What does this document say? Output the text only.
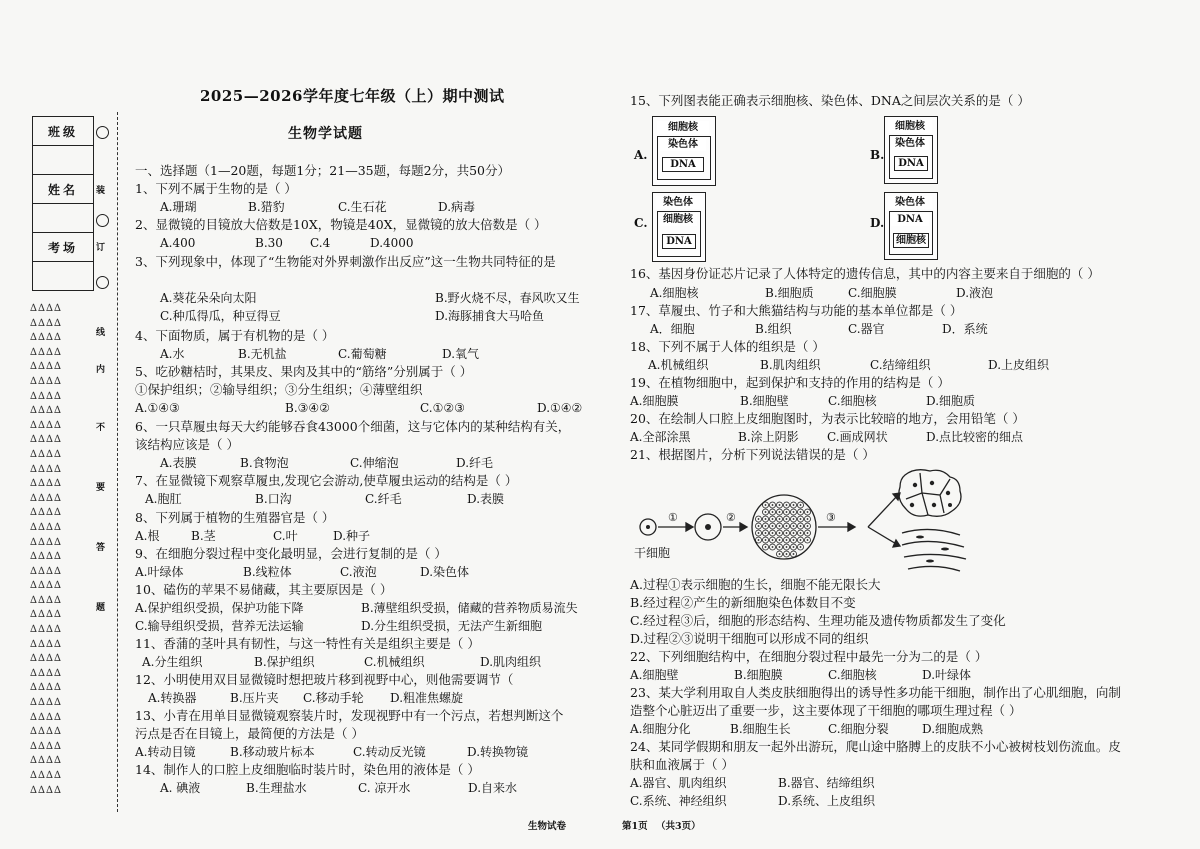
班级
姓名
考场
装
订
线
内
不
要
答
题
∆∆∆∆
∆∆∆∆
∆∆∆∆
∆∆∆∆
∆∆∆∆
∆∆∆∆
∆∆∆∆
∆∆∆∆
∆∆∆∆
∆∆∆∆
∆∆∆∆
∆∆∆∆
∆∆∆∆
∆∆∆∆
∆∆∆∆
∆∆∆∆
∆∆∆∆
∆∆∆∆
∆∆∆∆
∆∆∆∆
∆∆∆∆
∆∆∆∆
∆∆∆∆
∆∆∆∆
∆∆∆∆
∆∆∆∆
∆∆∆∆
∆∆∆∆
∆∆∆∆
∆∆∆∆
∆∆∆∆
∆∆∆∆
∆∆∆∆
∆∆∆∆
2025—2026学年度七年级（上）期中测试
生物学试题
一、选择题（1—20题，每题1分；21—35题，每题2分，共50分）
1、下列不属于生物的是（ ）
A.珊瑚	B.猎豹	C.生石花	D.病毒
2、显微镜的目镜放大倍数是10X，物镜是40X，显微镜的放大倍数是（ ）
A.400	B.30 C.4	D.4000
3、下列现象中，体现了“生物能对外界刺激作出反应”这一生物共同特征的是
A.葵花朵朵向太阳	B.野火烧不尽，春风吹又生
C.种瓜得瓜，种豆得豆	D.海豚捕食大马哈鱼
4、下面物质，属于有机物的是（ ）
A.水	B.无机盐	C.葡萄糖	D.氧气
5、吃砂糖桔时，其果皮、果肉及其中的“筋络”分别属于（ ）
①保护组织；②输导组织；③分生组织；④薄壁组织
A.①④③	B.③④②	C.①②③	D.①④②
6、一只草履虫每天大约能够吞食43000个细菌，这与它体内的某种结构有关，
该结构应该是（ ）
A.表膜	B.食物泡	C.伸缩泡	D.纤毛
7、在显微镜下观察草履虫,发现它会游动,使草履虫运动的结构是（ ）
A.胞肛	B.口沟	C.纤毛	D.表膜
8、下列属于植物的生殖器官是（ ）
A.根	B.茎	C.叶	D.种子
9、在细胞分裂过程中变化最明显，会进行复制的是（ ）
A.叶绿体	B.线粒体	C.液泡	D.染色体
10、磕伤的苹果不易储藏，其主要原因是（ ）
A.保护组织受损，保护功能下降	B.薄壁组织受损，储藏的营养物质易流失
C.输导组织受损，营养无法运输	D.分生组织受损，无法产生新细胞
11、香蒲的茎叶具有韧性，与这一特性有关是组织主要是（ ）
A.分生组织	B.保护组织	C.机械组织	D.肌肉组织
12、小明使用双目显微镜时想把玻片移到视野中心，则他需要调节（
A.转换器	B.压片夹 C.移动手轮 D.粗准焦螺旋
13、小青在用单目显微镜观察装片时，发现视野中有一个污点，若想判断这个
污点是否在目镜上，最简便的方法是（ ）
A.转动目镜	B.移动玻片标本	C.转动反光镜	D.转换物镜
14、制作人的口腔上皮细胞临时装片时，染色用的液体是（ ）
A. 碘液	B.生理盐水	C. 凉开水	D.自来水
15、下列图表能正确表示细胞核、染色体、DNA之间层次关系的是（ ）
A.
细胞核
染色体
DNA
B.
细胞核
染色体
DNA
C.
染色体
细胞核
DNA
D.
染色体
DNA
细胞核
16、基因身份证芯片记录了人体特定的遗传信息，其中的内容主要来自于细胞的（ ）
A.细胞核	B.细胞质	C.细胞膜	D.液泡
17、草履虫、竹子和大熊猫结构与功能的基本单位都是（ ）
A．细胞	B.组织	C.器官	D．系统
18、下列不属于人体的组织是（ ）
A.机械组织	B.肌肉组织	C.结缔组织	D.上皮组织
19、在植物细胞中，起到保护和支持的作用的结构是（ ）
A.细胞膜	B.细胞壁	C.细胞核	D.细胞质
20、在绘制人口腔上皮细胞图时，为表示比较暗的地方，会用铅笔（ ）
A.全部涂黑	B.涂上阴影 C.画成网状	D.点比较密的细点
21、根据图片，分析下列说法错误的是（ ）
①	②	③
干细胞
A.过程①表示细胞的生长，细胞不能无限长大
B.经过程②产生的新细胞染色体数目不变
C.经过程③后，细胞的形态结构、生理功能及遗传物质都发生了变化
D.过程②③说明干细胞可以形成不同的组织
22、下列细胞结构中，在细胞分裂过程中最先一分为二的是（ ）
A.细胞壁	B.细胞膜	C.细胞核	D.叶绿体
23、某大学利用取自人类皮肤细胞得出的诱导性多功能干细胞，制作出了心肌细胞，向制
造整个心脏迈出了重要一步，这主要体现了干细胞的哪项生理过程（ ）
A.细胞分化	B.细胞生长	C.细胞分裂	D.细胞成熟
24、某同学假期和朋友一起外出游玩，爬山途中胳膊上的皮肤不小心被树枝划伤流血。皮
肤和血液属于（ ）
A.器官、肌肉组织	B.器官、结缔组织
C.系统、神经组织	D.系统、上皮组织
生物试卷	第1页 （共3页）
